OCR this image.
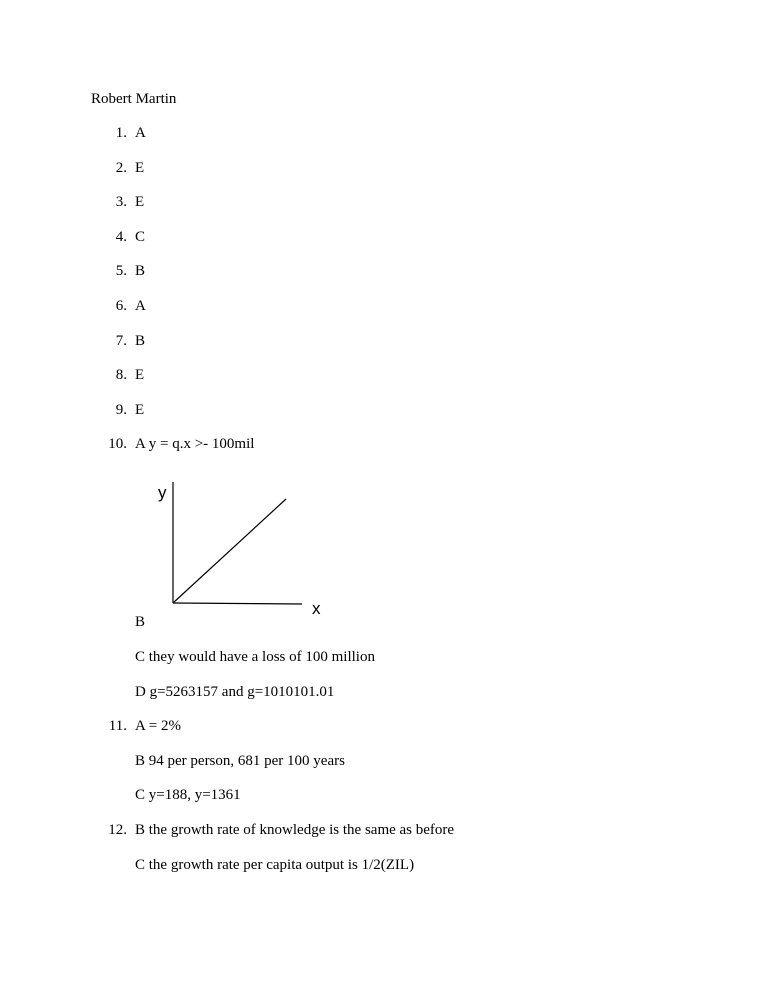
Robert Martin
1. A
2. E
3. E
4. C
5. B
6. A
7. B
8. E
9. E
10. A y = q.x >- 100mil
y
x
B
C they would have a loss of 100 million
D g=5263157 and g=1010101.01
11. A = 2%
B 94 per person, 681 per 100 years
C y=188, y=1361
12. B the growth rate of knowledge is the same as before
C the growth rate per capita output is 1/2(ZIL)
